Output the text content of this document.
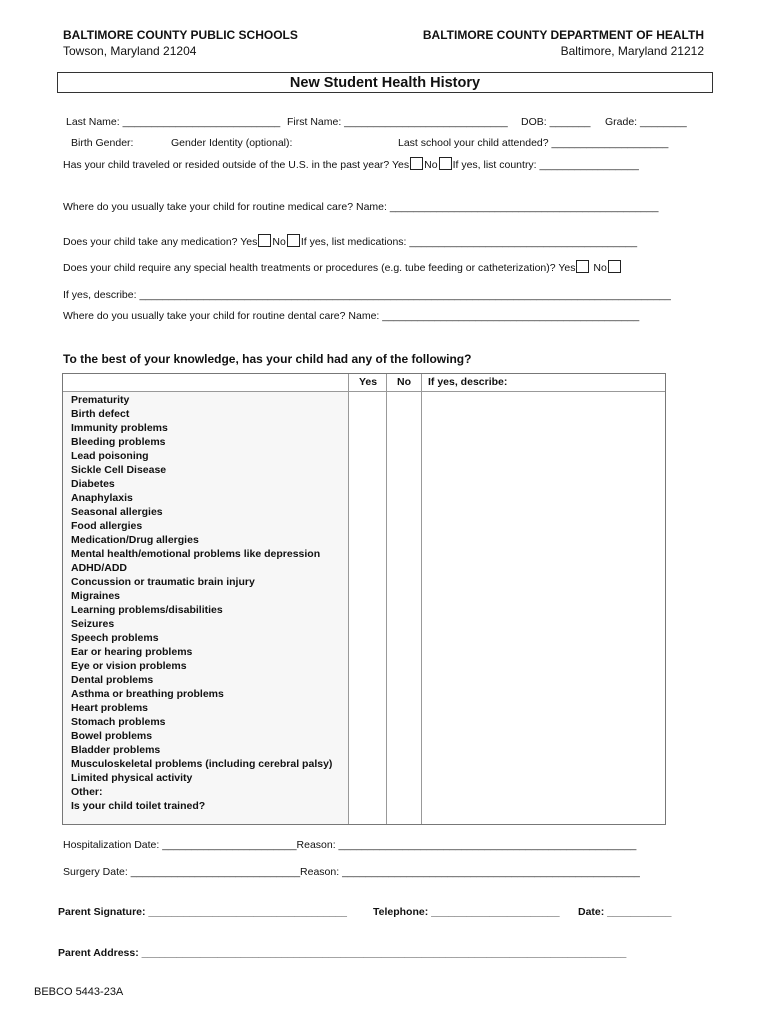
BALTIMORE COUNTY PUBLIC SCHOOLS
Towson, Maryland 21204
BALTIMORE COUNTY DEPARTMENT OF HEALTH
Baltimore, Maryland 21212
New Student Health History
Last Name: ___________________________ First Name: ____________________________ DOB: _______ Grade: ________
Birth Gender:	Gender Identity (optional):	Last school your child attended? ____________________
Has your child traveled or resided outside of the U.S. in the past year? Yes No If yes, list country: _________________
Where do you usually take your child for routine medical care? Name: ______________________________________________
Does your child take any medication? Yes No If yes, list medications: _______________________________________
Does your child require any special health treatments or procedures (e.g. tube feeding or catheterization)? Yes No
If yes, describe: ___________________________________________________________________________________________
Where do you usually take your child for routine dental care? Name: ____________________________________________
To the best of your knowledge, has your child had any of the following?
Yes No If yes, describe:
Prematurity
Birth defect
Immunity problems
Bleeding problems
Lead poisoning
Sickle Cell Disease
Diabetes
Anaphylaxis
Seasonal allergies
Food allergies
Medication/Drug allergies
Mental health/emotional problems like depression
ADHD/ADD
Concussion or traumatic brain injury
Migraines
Learning problems/disabilities
Seizures
Speech problems
Ear or hearing problems
Eye or vision problems
Dental problems
Asthma or breathing problems
Heart problems
Stomach problems
Bowel problems
Bladder problems
Musculoskeletal problems (including cerebral palsy)
Limited physical activity
Other:
Is your child toilet trained?
Hospitalization Date: _______________________Reason: ___________________________________________________
Surgery Date: _____________________________Reason: ___________________________________________________
Parent Signature: __________________________________ Telephone: ______________________ Date: ___________
Parent Address: ___________________________________________________________________________________
BEBCO 5443-23A
